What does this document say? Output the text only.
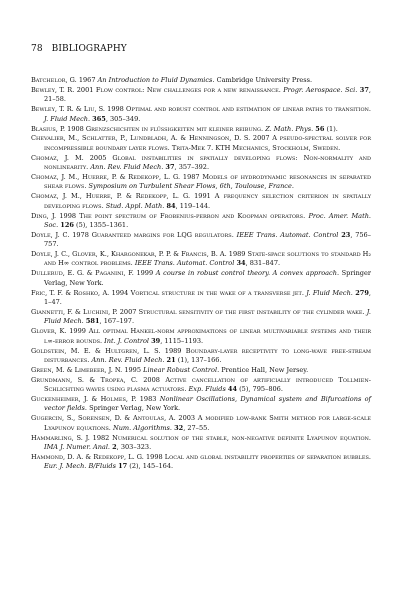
78 BIBLIOGRAPHY

Batchelor, G. 1967 An Introduction to Fluid Dynamics. Cambridge University Press.

Bewley, T. R. 2001 Flow control: New challenges for a new renaissance. Progr. Aerospace. Sci. 37, 21–58.

Bewley, T. R. & Liu, S. 1998 Optimal and robust control and estimation of linear paths to transition. J. Fluid Mech. 365, 305–349.

Blasius, P. 1908 Grenzschichten in flüssigkeiten mit kleiner reibung. Z. Math. Phys. 56 (1).

Chevalier, M., Schlatter, P., Lundbladh, A. & Henningson, D. S. 2007 A pseudo-spectral solver for incompressible boundary layer flows. Trita-Mek 7. KTH Mechanics, Stockholm, Sweden.

Chomaz, J. M. 2005 Global instabilities in spatially developing flows: Non-normality and nonlinearity. Ann. Rev. Fluid Mech. 37, 357–392.

Chomaz, J. M., Huerre, P. & Redekopp, L. G. 1987 Models of hydrodynamic resonances in separated shear flows. Symposium on Turbulent Shear Flows, 6th, Toulouse, France.

Chomaz, J. M., Huerre, P. & Redekopp, L. G. 1991 A frequency selection criterion in spatially developing flows. Stud. Appl. Math. 84, 119–144.

Ding, J. 1998 The point spectrum of Frobenius-perron and Koopman operators. Proc. Amer. Math. Soc. 126 (5), 1355–1361.

Doyle, J. C. 1978 Guaranteed margins for LQG regulators. IEEE Trans. Automat. Control 23, 756–757.

Doyle, J. C., Glover, K., Khargonekar, P. P. & Francis, B. A. 1989 State-space solutions to standard H₂ and H∞ control problems. IEEE Trans. Automat. Control 34, 831–847.

Dullerud, E. G. & Paganini, F. 1999 A course in robust control theory. A convex approach. Springer Verlag, New York.

Fric, T. F. & Roshko, A. 1994 Vortical structure in the wake of a transverse jet. J. Fluid Mech. 279, 1–47.

Giannetti, F. & Luchini, P. 2007 Structural sensitivity of the first instability of the cylinder wake. J. Fluid Mech. 581, 167–197.

Glover, K. 1999 All optimal Hankel-norm approximations of linear multivariable systems and their l∞-error bounds. Int. J. Control 39, 1115–1193.

Goldstein, M. E. & Hultgren, L. S. 1989 Boundary-layer receptivity to long-wave free-stream disturbances. Ann. Rev. Fluid Mech. 21 (1), 137–166.

Green, M. & Limebeer, J. N. 1995 Linear Robust Control. Prentice Hall, New Jersey.

Grundmann, S. & Tropea, C. 2008 Active cancellation of artificially introduced Tollmien-Schlichting waves using plasma actuators. Exp. Fluids 44 (5), 795–806.

Guckenheimer, J. & Holmes, P. 1983 Nonlinear Oscillations, Dynamical system and Bifurcations of vector fields. Springer Verlag, New York.

Gugercin, S., Sorensen, D. & Antoulas, A. 2003 A modified low-rank Smith method for large-scale Lyapunov equations. Num. Algorithms. 32, 27–55.

Hammarling, S. J. 1982 Numerical solution of the stable, non-negative definite Lyapunov equation. IMA J. Numer. Anal. 2, 303–323.

Hammond, D. A. & Redekopp, L. G. 1998 Local and global instability properties of separation bubbles. Eur. J. Mech. B/Fluids 17 (2), 145–164.
